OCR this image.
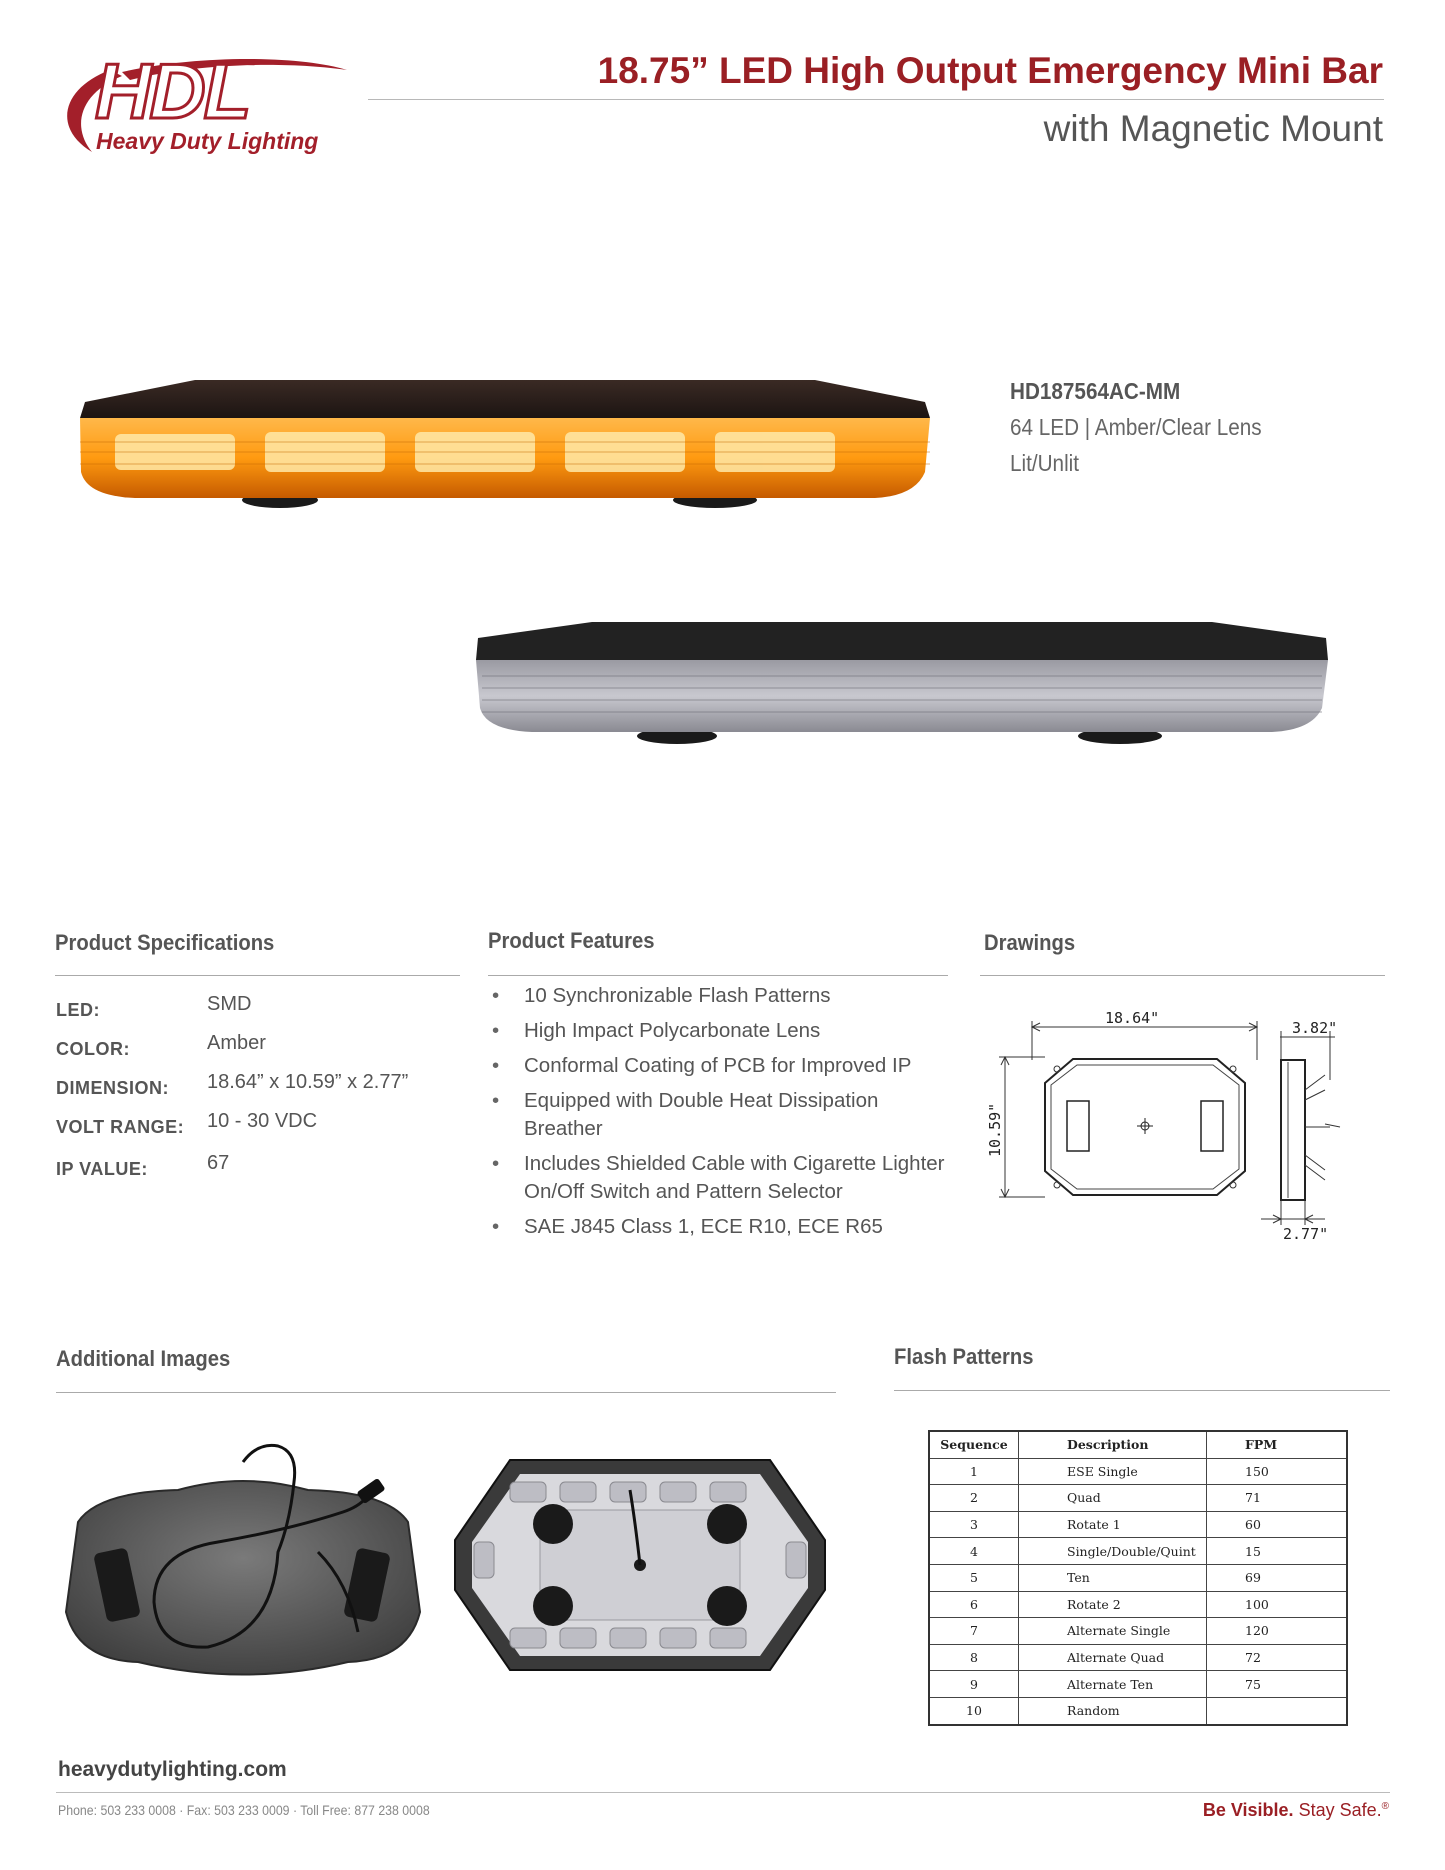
HDL
Heavy Duty Lighting
18.75” LED High Output Emergency Mini Bar
with Magnetic Mount
HD187564AC-MM
64 LED | Amber/Clear Lens
Lit/Unlit
Product Specifications
LED:	SMD
COLOR:	Amber
DIMENSION: 18.64” x 10.59” x 2.77”
VOLT RANGE: 10 - 30 VDC
IP VALUE:	67
Product Features
• 10 Synchronizable Flash Patterns
• High Impact Polycarbonate Lens
• Conformal Coating of PCB for Improved IP
• Equipped with Double Heat Dissipation Breather
• Includes Shielded Cable with Cigarette Lighter On/Off Switch and Pattern Selector
• SAE J845 Class 1, ECE R10, ECE R65
Drawings
18.64"
10.59"
3.82"
2.77"
Additional Images	Flash Patterns
Sequence	Description	FPM
1	ESE Single	150
2	Quad	71
3	Rotate 1	60
4	Single/Double/Quint	15
5	Ten	69
6	Rotate 2	100
7	Alternate Single	120
8	Alternate Quad	72
9	Alternate Ten	75
10	Random	
heavydutylighting.com
Phone: 503 233 0008 · Fax: 503 233 0009 · Toll Free: 877 238 0008	Be Visible. Stay Safe.®
